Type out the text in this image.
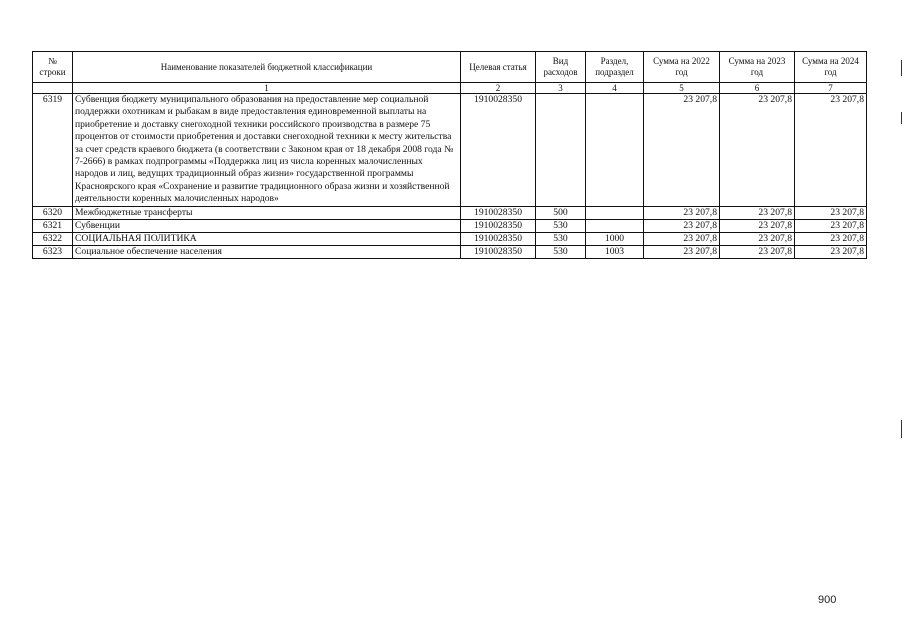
№ строки	Наименование показателей бюджетной классификации	Целевая статья	Вид расходов	Раздел, подраздел	Сумма на 2022 год	Сумма на 2023 год	Сумма на 2024 год
	1	2	3	4	5	6	7
6319	Субвенция бюджету муниципального образования на предоставление мер социальной поддержки охотникам и рыбакам в виде предоставления единовременной выплаты на приобретение и доставку снегоходной техники российского производства в размере 75 процентов от стоимости приобретения и доставки снегоходной техники к месту жительства за счет средств краевого бюджета (в соответствии с Законом края от 18 декабря 2008 года № 7-2666) в рамках подпрограммы «Поддержка лиц из числа коренных малочисленных народов и лиц, ведущих традиционный образ жизни» государственной программы Красноярского края «Сохранение и развитие традиционного образа жизни и хозяйственной деятельности коренных малочисленных народов»	1910028350			23 207,8	23 207,8	23 207,8
6320	Межбюджетные трансферты	1910028350	500		23 207,8	23 207,8	23 207,8
6321	Субвенции	1910028350	530		23 207,8	23 207,8	23 207,8
6322	СОЦИАЛЬНАЯ ПОЛИТИКА	1910028350	530	1000	23 207,8	23 207,8	23 207,8
6323	Социальное обеспечение населения	1910028350	530	1003	23 207,8	23 207,8	23 207,8
900
